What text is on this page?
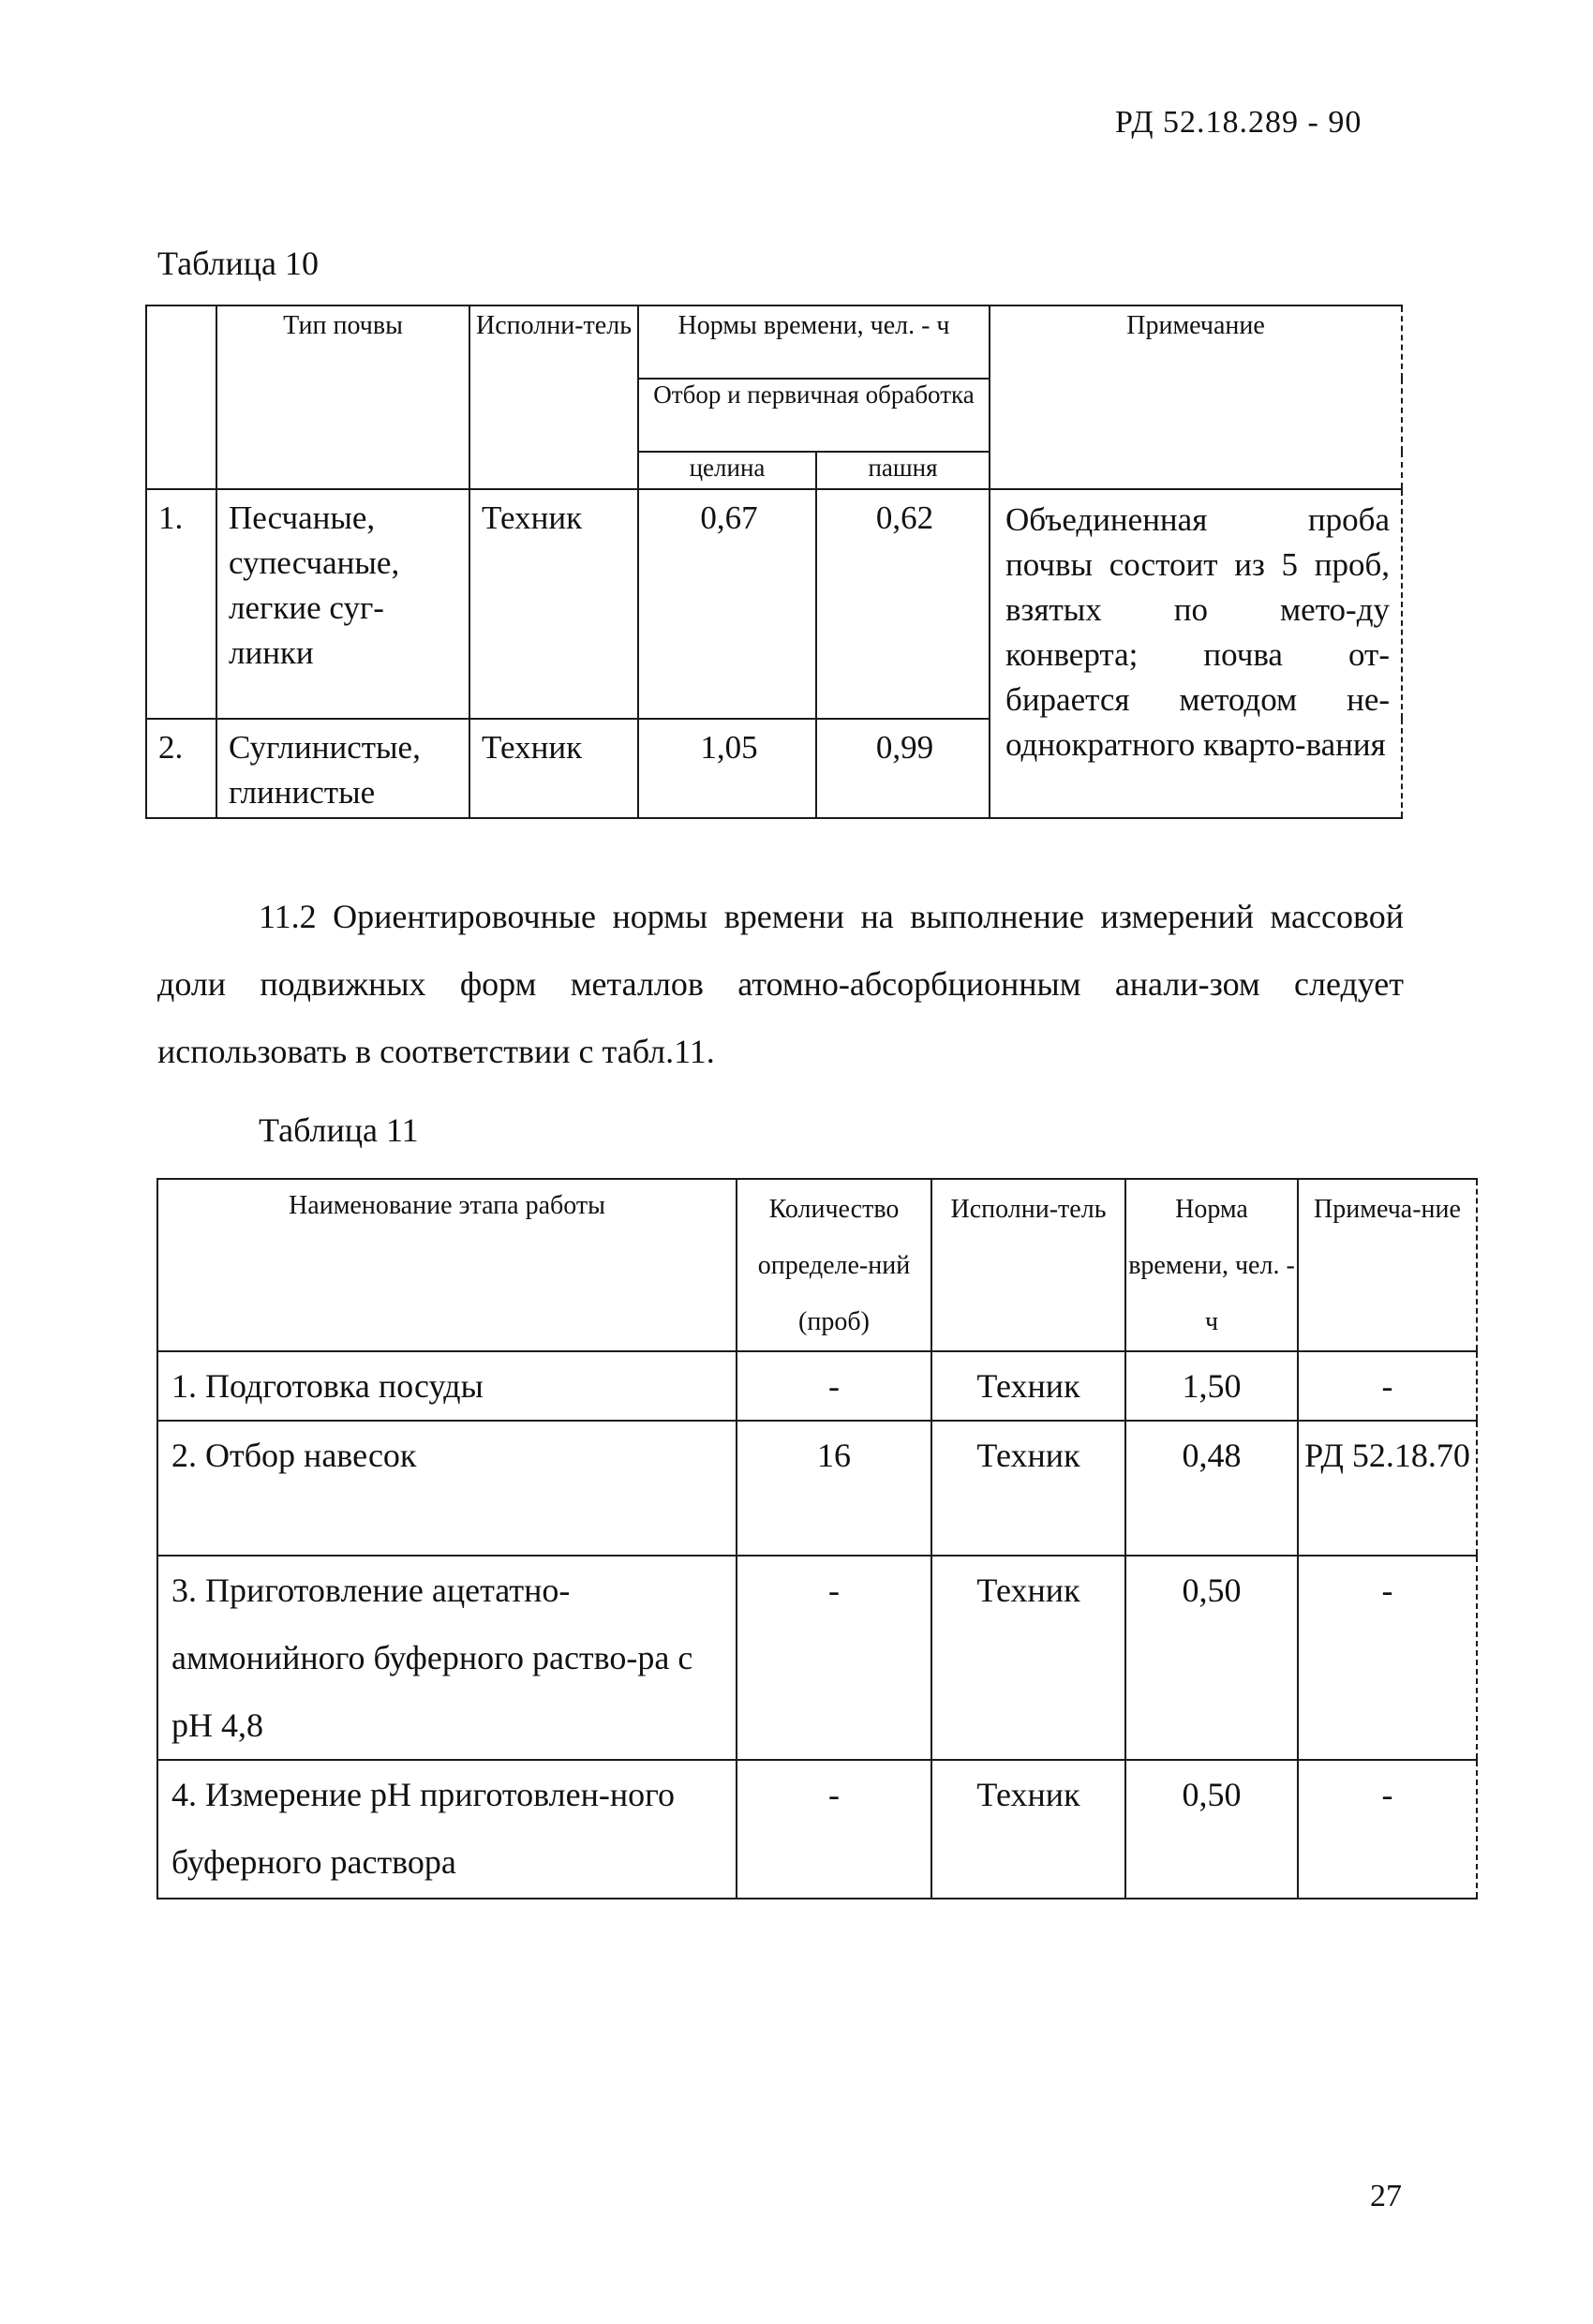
РД 52.18.289 - 90
Таблица 10
	Тип почвы	Исполни-тель	Нормы времени, чел. - ч		Примечание
			Отбор и первичная обработка		
			целина	пашня	
1.	Песчаные, супесчаные, легкие суг-линки	Техник	0,67	0,62	Объединенная проба почвы состоит из 5 проб, взятых по мето-ду конверта; почва от-бирается методом не-однократного кварто-вания
2.	Суглинистые, глинистые	Техник	1,05	0,99	

11.2 Ориентировочные нормы времени на выполнение измерений массовой доли подвижных форм металлов атомно-абсорбционным анали-зом следует использовать в соответствии с табл.11.

Таблица 11
Наименование этапа работы	Количество определе-ний (проб)	Исполни-тель	Норма времени, чел. - ч	Примеча-ние
1. Подготовка посуды	-	Техник	1,50	-
2. Отбор навесок	16	Техник	0,48	РД 52.18.70
3. Приготовление ацетатно-аммонийного буферного раство-ра с pH 4,8	-	Техник	0,50	-
4. Измерение pH приготовлен-ного буферного раствора	-	Техник	0,50	-
27
